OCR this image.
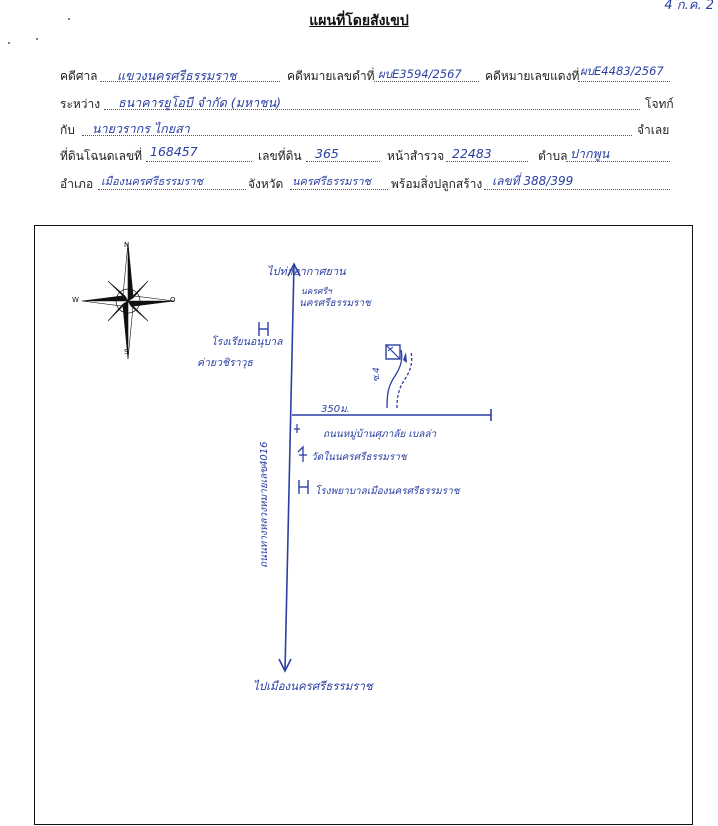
4 ก.ค. 2
แผนที่โดยสังเขป
คดีศาล แขวงนครศรีธรรมราช	คดีหมายเลขดำที่ ผบE3594/2567 คดีหมายเลขแดงที่ ผบE4483/2567
ระหว่าง ธนาคารยูโอบี จำกัด (มหาชน)	โจทก์
กับ นายวรากร ไกยสา	จำเลย
ที่ดินโฉนดเลขที่ 168457	เลขที่ดิน 365	หน้าสำรวจ 22483	ตำบล ปากพูน
อำเภอ เมืองนครศรีธรรมราช	จังหวัด นครศรีธรรมราช พร้อมสิ่งปลูกสร้าง เลขที่ 388/399
N
S
W	O
ไปท่าอากาศยาน
นครศรีฯ
นครศรีธรรมราช
โรงเรียนอนุบาล
ค่ายวชิราวุธ
350ม.
ซ.4
ถนนหมู่บ้านศุภาลัย เบลล่า
วัดในนครศรีธรรมราช
โรงพยาบาลเมืองนครศรีธรรมราช
ถนนทางหลวงหมายเลข4016
ไปเมืองนครศรีธรรมราช
